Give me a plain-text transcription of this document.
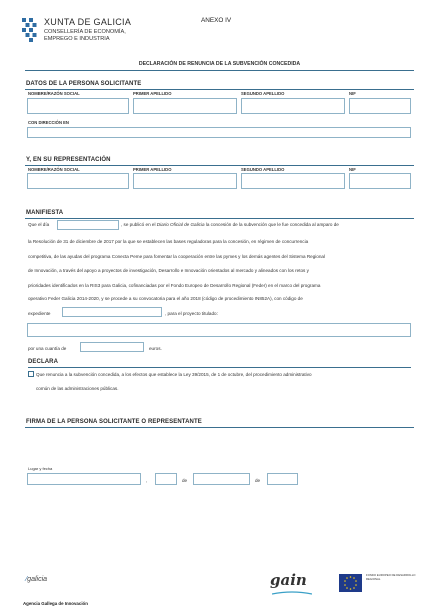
XUNTA DE GALICIA
CONSELLERÍA DE ECONOMÍA,
EMPREGO E INDUSTRIA
ANEXO IV
DECLARACIÓN DE RENUNCIA DE LA SUBVENCIÓN CONCEDIDA
DATOS DE LA PERSONA SOLICITANTE
NOMBRE/RAZÓN SOCIAL	PRIMER APELLIDO	SEGUNDO APELLIDO	NIF
CON DIRECCIÓN EN
Y, EN SU REPRESENTACIÓN
NOMBRE/RAZÓN SOCIAL	PRIMER APELLIDO	SEGUNDO APELLIDO	NIF
MANIFIESTA
Que el día	, se publicó en el Diario Oficial de Galicia la concesión de la subvención que le fue concedida al amparo de
la Resolución de 31 de diciembre de 2017 por la que se establecen las bases reguladoras para la concesión, en régimen de concurrencia
competitiva, de las ayudas del programa Conecta Peme para fomentar la cooperación entre las pymes y los demás agentes del Sistema Regional
de Innovación, a través del apoyo a proyectos de investigación, Desarrollo e Innovación orientados al mercado y alineados con los retos y
prioridades identificados en la RIS3 para Galicia, cofinanciadas por el Fondo Europeo de Desarrollo Regional (Feder) en el marco del programa
operativo Feder Galicia 2014-2020, y se procede a su convocatoria para el año 2018 (código de procedimiento IN852A), con código de
expediente	, para el proyecto titulado:
por una cuantía de	euros.
DECLARA
Que renuncia a la subvención concedida, a los efectos que establece la Ley 39/2015, de 1 de octubre, del procedimiento administrativo
común de las administraciones públicas.
FIRMA DE LA PERSONA SOLICITANTE O REPRESENTANTE
Lugar y fecha
,	de	de
⁄galicia
Agencia Gallega de Innovación
gain	FONDO EUROPEO DE DESARROLLO REGIONAL
